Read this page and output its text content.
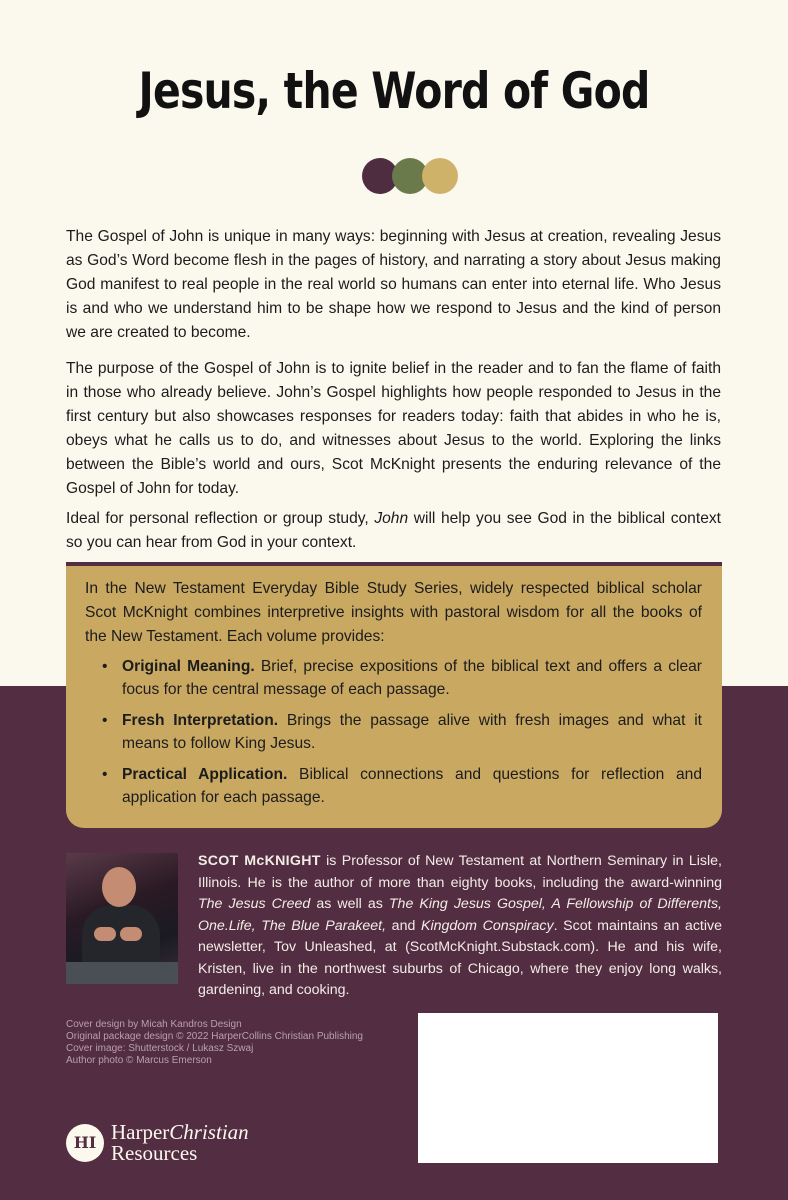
Jesus, the Word of God

The Gospel of John is unique in many ways: beginning with Jesus at creation, revealing Jesus as God’s Word become flesh in the pages of history, and narrating a story about Jesus making God manifest to real people in the real world so humans can enter into eternal life. Who Jesus is and who we understand him to be shape how we respond to Jesus and the kind of person we are created to become.

The purpose of the Gospel of John is to ignite belief in the reader and to fan the flame of faith in those who already believe. John’s Gospel highlights how people responded to Jesus in the first century but also showcases responses for readers today: faith that abides in who he is, obeys what he calls us to do, and witnesses about Jesus to the world. Exploring the links between the Bible’s world and ours, Scot McKnight presents the enduring relevance of the Gospel of John for today.

Ideal for personal reflection or group study, John will help you see God in the biblical context so you can hear from God in your context.

In the New Testament Everyday Bible Study Series, widely respected biblical scholar Scot McKnight combines interpretive insights with pastoral wisdom for all the books of the New Testament. Each volume provides:

• Original Meaning. Brief, precise expositions of the biblical text and offers a clear focus for the central message of each passage.
• Fresh Interpretation. Brings the passage alive with fresh images and what it means to follow King Jesus.
• Practical Application. Biblical connections and questions for reflection and application for each passage.

SCOT McKNIGHT is Professor of New Testament at Northern Seminary in Lisle, Illinois. He is the author of more than eighty books, including the award-winning The Jesus Creed as well as The King Jesus Gospel, A Fellowship of Differents, One.Life, The Blue Parakeet, and Kingdom Conspiracy. Scot maintains an active newsletter, Tov Unleashed, at (ScotMcKnight.Substack.com). He and his wife, Kristen, live in the northwest suburbs of Chicago, where they enjoy long walks, gardening, and cooking.

Cover design by Micah Kandros Design
Original package design © 2022 HarperCollins Christian Publishing
Cover image: Shutterstock / Lukasz Szwaj
Author photo © Marcus Emerson
HI HarperChristian
Resources
